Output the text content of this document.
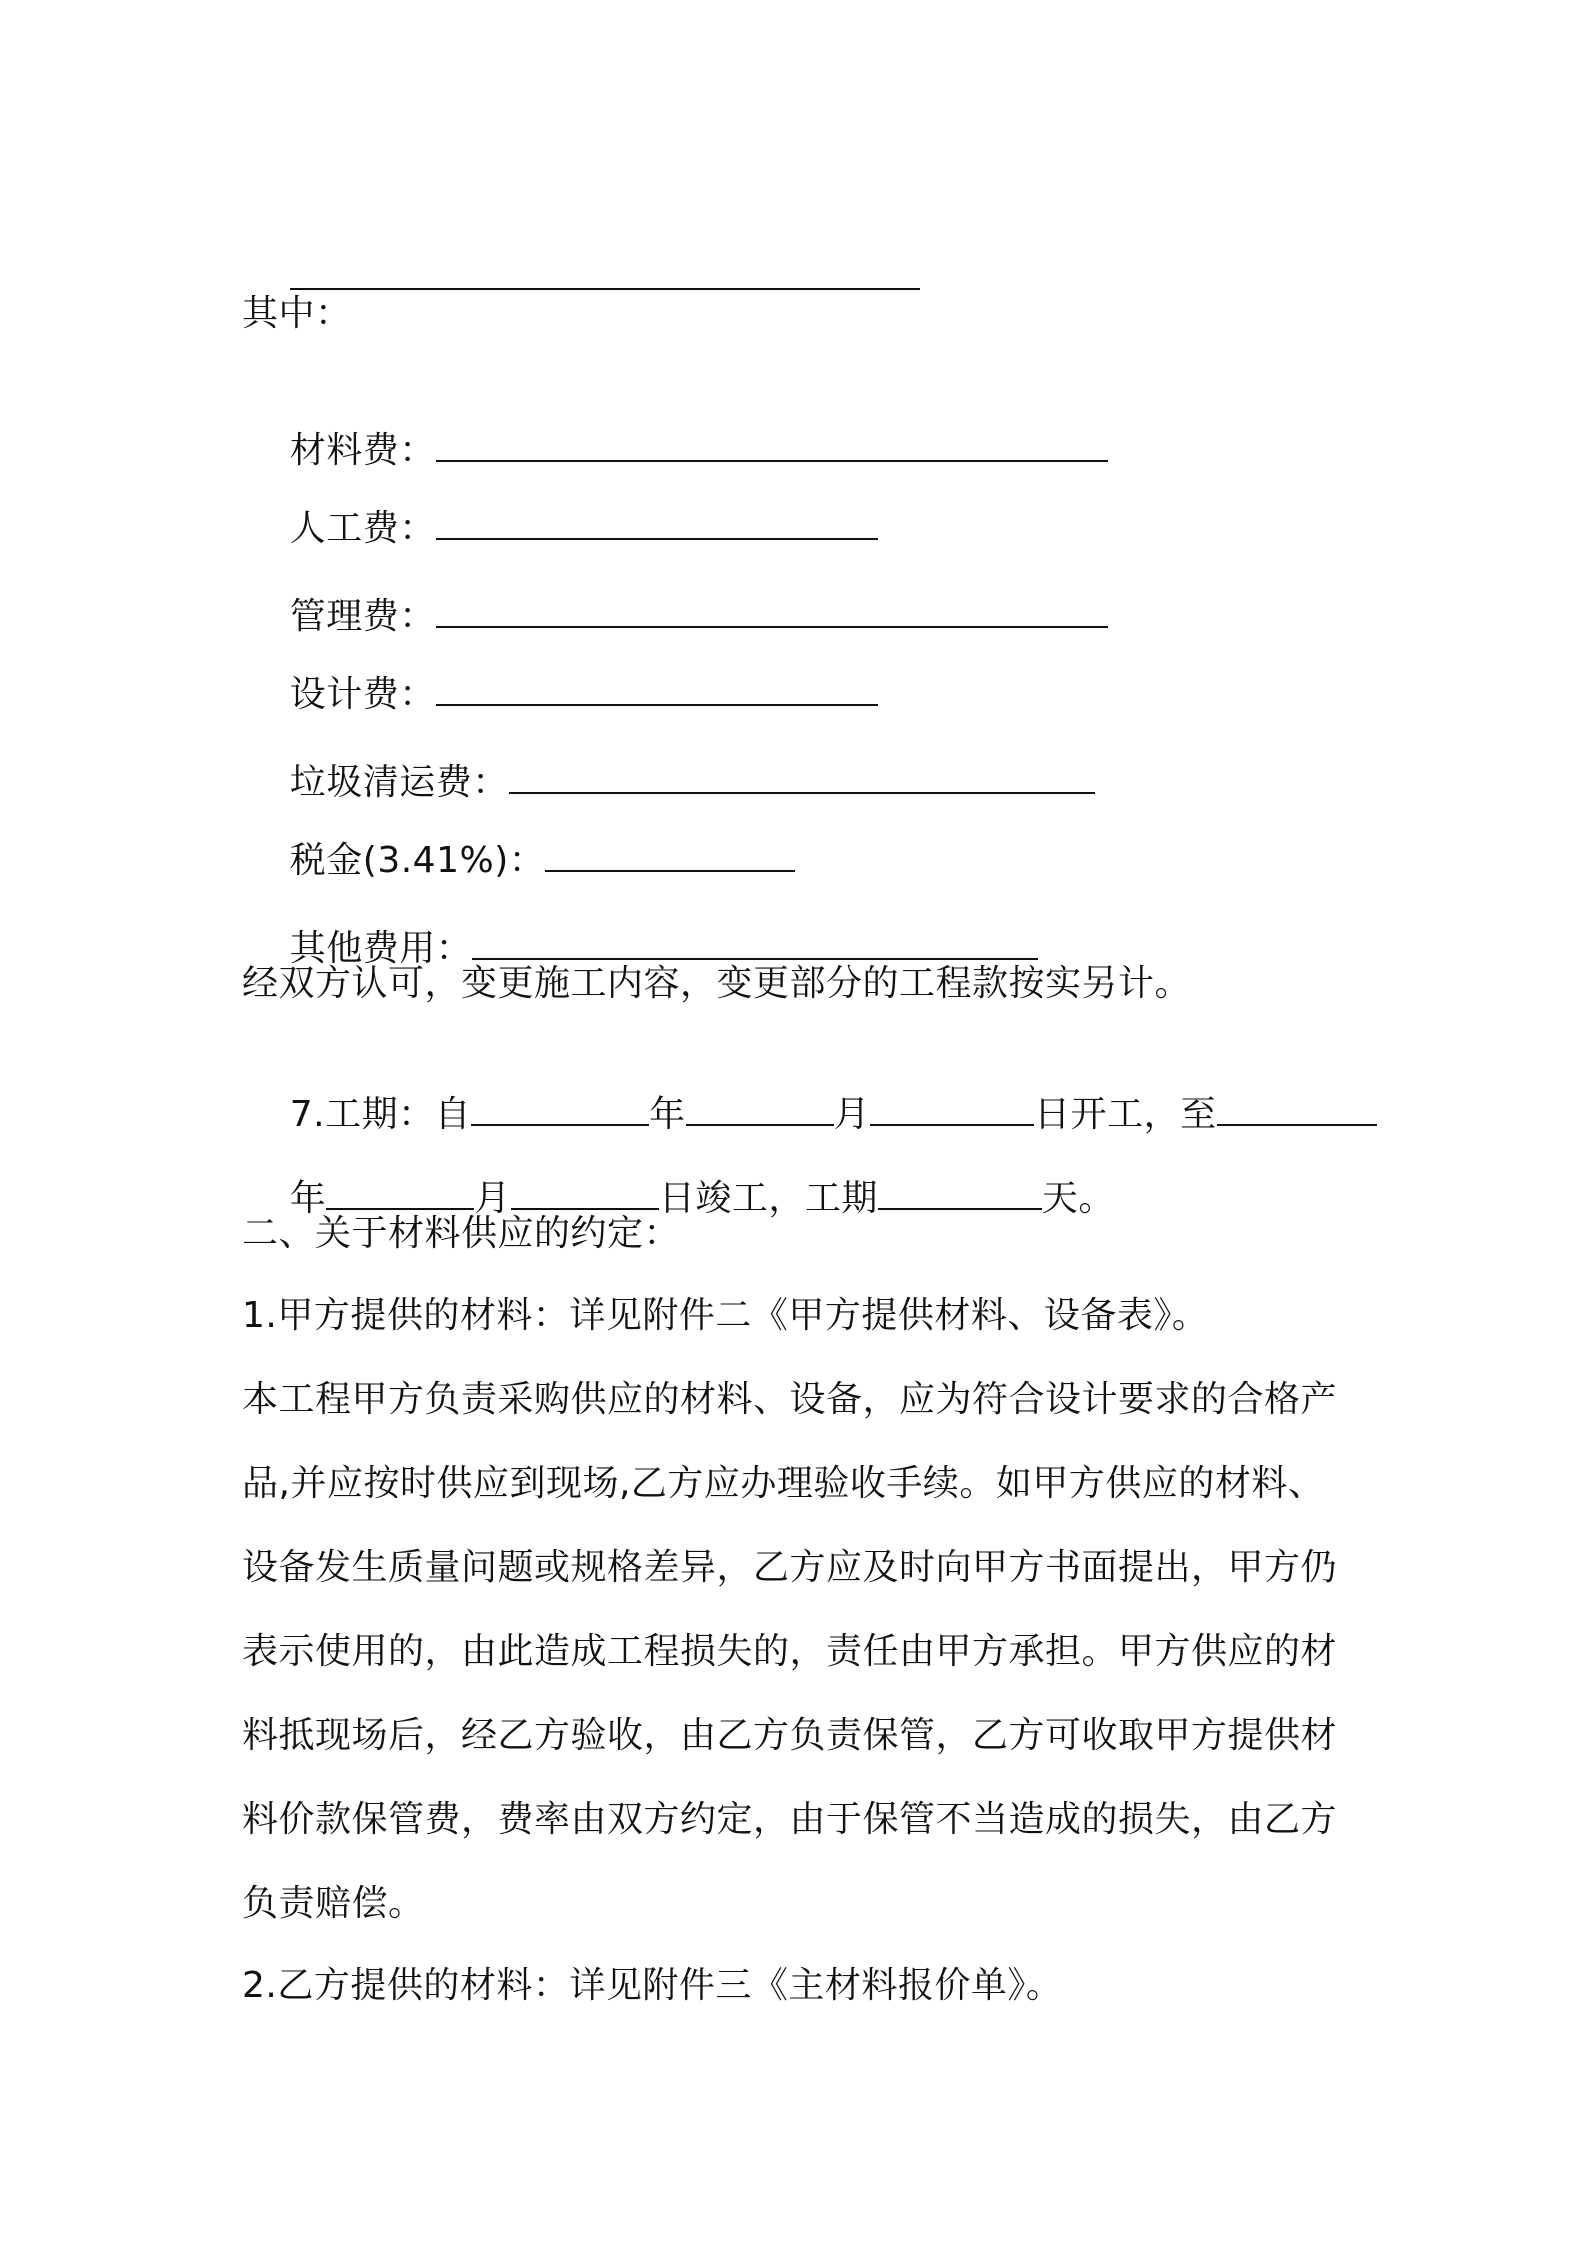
其中：

材料费：

人工费：

管理费：

设计费：

垃圾清运费：

税金(3.41%)：

其他费用：

经双方认可，变更施工内容，变更部分的工程款按实另计。

7.工期：自	年	月	日开工，至

年	月	日竣工，工期	天。

二、关于材料供应的约定：
1.甲方提供的材料：详见附件二《甲方提供材料、设备表》。
本工程甲方负责采购供应的材料、设备，应为符合设计要求的合格产
品,并应按时供应到现场,乙方应办理验收手续。如甲方供应的材料、
设备发生质量问题或规格差异，乙方应及时向甲方书面提出，甲方仍
表示使用的，由此造成工程损失的，责任由甲方承担。甲方供应的材
料抵现场后，经乙方验收，由乙方负责保管，乙方可收取甲方提供材
料价款保管费，费率由双方约定，由于保管不当造成的损失，由乙方
负责赔偿。
2.乙方提供的材料：详见附件三《主材料报价单》。
